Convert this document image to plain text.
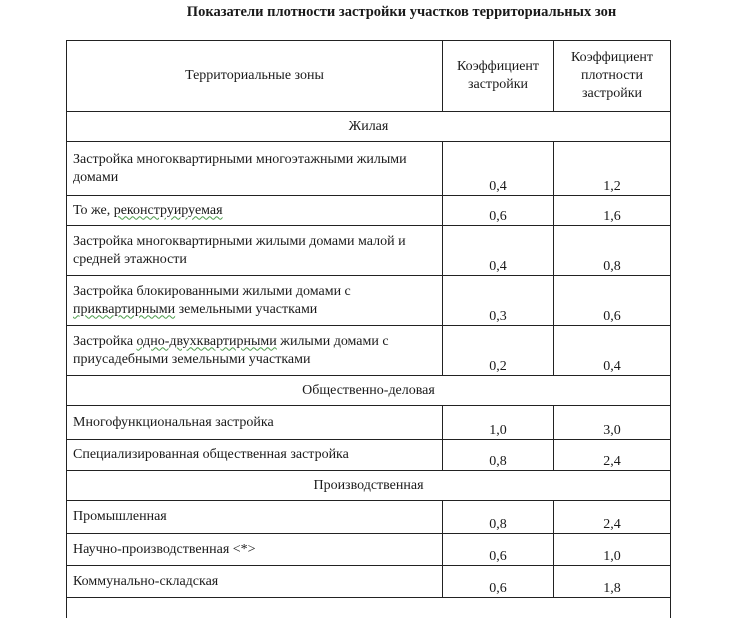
Показатели плотности застройки участков территориальных зон
Территориальные зоны	Коэффициент застройки	Коэффициент плотности застройки
Жилая		
Застройка многоквартирными многоэтажными жилыми домами	0,4	1,2
То же, реконструируемая	0,6	1,6
Застройка многоквартирными жилыми домами малой и средней этажности	0,4	0,8
Застройка блокированными жилыми домами с приквартирными земельными участками	0,3	0,6
Застройка одно-двухквартирными жилыми домами с приусадебными земельными участками	0,2	0,4
Общественно-деловая		
Многофункциональная застройка	1,0	3,0
Специализированная общественная застройка	0,8	2,4
Производственная		
Промышленная	0,8	2,4
Научно-производственная <*>	0,6	1,0
Коммунально-складская	0,6	1,8
